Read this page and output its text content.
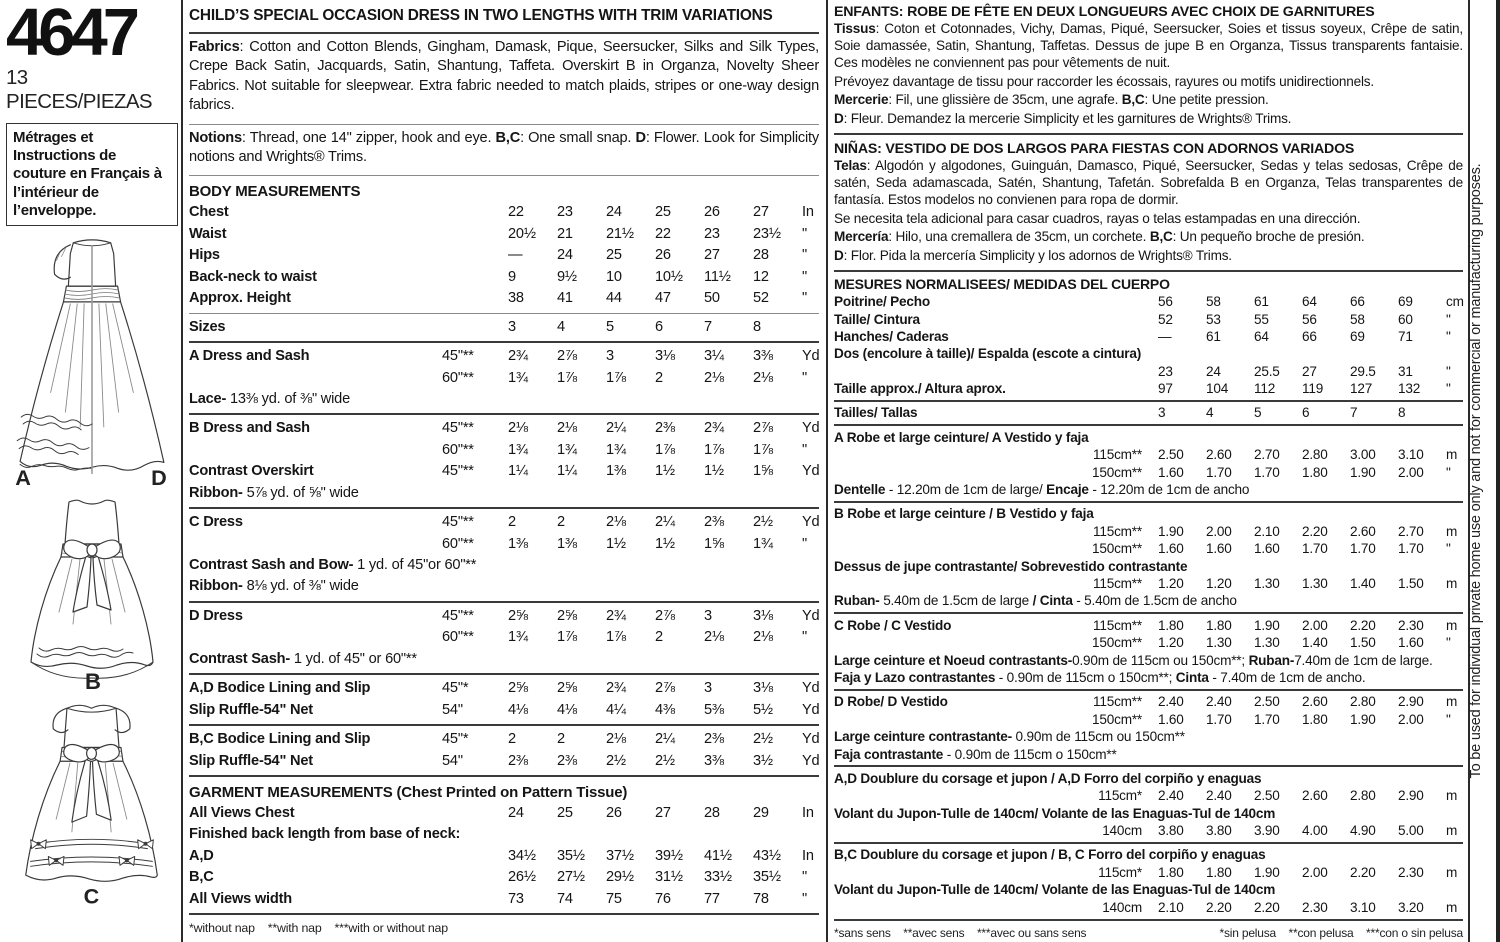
4647
13 PIECES/PIEZAS
Métrages et Instructions de couture en Français à l’intérieur de l’enveloppe.
A	D
B
C
CHILD’S SPECIAL OCCASION DRESS IN TWO LENGTHS WITH TRIM VARIATIONS
Fabrics: Cotton and Cotton Blends, Gingham, Damask, Pique, Seersucker, Silks and Silk Types, Crepe Back Satin, Jacquards, Satin, Shantung, Taffeta. Overskirt B in Organza, Novelty Sheer Fabrics. Not suitable for sleepwear. Extra fabric needed to match plaids, stripes or one-way design fabrics.
Notions: Thread, one 14" zipper, hook and eye. B,C: One small snap. D: Flower. Look for Simplicity notions and Wrights® Trims.
BODY MEASUREMENTS
Chest	22	23	24	25	26	27	In
Waist	20½	21	21½	22	23	23½	"
Hips	—	24	25	26	27	28	"
Back-neck to waist	9	9½	10	10½	11½	12	"
Approx. Height	38	41	44	47	50	52	"
Sizes	3	4	5	6	7	8
A Dress and Sash	45"**	2¾	2⅞	3	3⅛	3¼	3⅜	Yd
60"**	1¾	1⅞	1⅞	2	2⅛	2⅛	"
Lace- 13⅜ yd. of ⅜" wide
B Dress and Sash	45"**	2⅛	2⅛	2¼	2⅜	2¾	2⅞	Yd
60"**	1¾	1¾	1¾	1⅞	1⅞	1⅞	"
Contrast Overskirt	45"**	1¼	1¼	1⅜	1½	1½	1⅝	Yd
Ribbon- 5⅞ yd. of ⅝" wide
C Dress	45"**	2	2	2⅛	2¼	2⅜	2½	Yd
60"**	1⅜	1⅜	1½	1½	1⅝	1¾	"
Contrast Sash and Bow- 1 yd. of 45"or 60"**
Ribbon- 8⅛ yd. of ⅜" wide
D Dress	45"**	2⅝	2⅝	2¾	2⅞	3	3⅛	Yd
60"**	1¾	1⅞	1⅞	2	2⅛	2⅛	"
Contrast Sash- 1 yd. of 45" or 60"**
A,D Bodice Lining and Slip	45"*	2⅝	2⅝	2¾	2⅞	3	3⅛	Yd
Slip Ruffle-54" Net	54"	4⅛	4⅛	4¼	4⅜	5⅜	5½	Yd
B,C Bodice Lining and Slip	45"*	2	2	2⅛	2¼	2⅜	2½	Yd
Slip Ruffle-54" Net	54"	2⅜	2⅜	2½	2½	3⅜	3½	Yd
GARMENT MEASUREMENTS (Chest Printed on Pattern Tissue)
All Views Chest	24	25	26	27	28	29	In
Finished back length from base of neck:
A,D	34½	35½	37½	39½	41½	43½	In
B,C	26½	27½	29½	31½	33½	35½	"
All Views width	73	74	75	76	77	78	"
*without nap    **with nap    ***with or without nap
ENFANTS: ROBE DE FÊTE EN DEUX LONGUEURS AVEC CHOIX DE GARNITURES
Tissus: Coton et Cotonnades, Vichy, Damas, Piqué, Seersucker, Soies et tissus soyeux, Crêpe de satin, Soie damassée, Satin, Shantung, Taffetas. Dessus de jupe B en Organza, Tissus transparents fantaisie. Ces modèles ne conviennent pas pour vêtements de nuit.
Prévoyez davantage de tissu pour raccorder les écossais, rayures ou motifs unidirectionnels.
Mercerie: Fil, une glissière de 35cm, une agrafe. B,C: Une petite pression.
D: Fleur. Demandez la mercerie Simplicity et les garnitures de Wrights® Trims.
NIÑAS: VESTIDO DE DOS LARGOS PARA FIESTAS CON ADORNOS VARIADOS
Telas: Algodón y algodones, Guinguán, Damasco, Piqué, Seersucker, Sedas y telas sedosas, Crêpe de satén, Seda adamascada, Satén, Shantung, Tafetán. Sobrefalda B en Organza, Telas transparentes de fantasía. Estos modelos no convienen para ropa de dormir.
Se necesita tela adicional para casar cuadros, rayas o telas estampadas en una dirección.
Mercería: Hilo, una cremallera de 35cm, un corchete. B,C: Un pequeño broche de presión.
D: Flor. Pida la mercería Simplicity y los adornos de Wrights® Trims.
MESURES NORMALISEES/ MEDIDAS DEL CUERPO
Poitrine/ Pecho	56	58	61	64	66	69	cm
Taille/ Cintura	52	53	55	56	58	60	"
Hanches/ Caderas	—	61	64	66	69	71	"
Dos (encolure à taille)/ Espalda (escote a cintura)
23	24	25.5	27	29.5	31	"
Taille approx./ Altura aprox.	97	104	112	119	127	132	"
Tailles/ Tallas	3	4	5	6	7	8
A Robe et large ceinture/ A Vestido y faja
115cm**	2.50	2.60	2.70	2.80	3.00	3.10	m
150cm**	1.60	1.70	1.70	1.80	1.90	2.00	"
Dentelle - 12.20m de 1cm de large/ Encaje - 12.20m de 1cm de ancho
B Robe et large ceinture / B Vestido y faja
115cm**	1.90	2.00	2.10	2.20	2.60	2.70	m
150cm**	1.60	1.60	1.60	1.70	1.70	1.70	"
Dessus de jupe contrastante/ Sobrevestido contrastante
115cm**	1.20	1.20	1.30	1.30	1.40	1.50	m
Ruban- 5.40m de 1.5cm de large / Cinta - 5.40m de 1.5cm de ancho
C Robe / C Vestido	115cm**	1.80	1.80	1.90	2.00	2.20	2.30	m
150cm**	1.20	1.30	1.30	1.40	1.50	1.60	"
Large ceinture et Noeud contrastants-0.90m de 115cm ou 150cm**; Ruban-7.40m de 1cm de large.
Faja y Lazo contrastantes - 0.90m de 115cm o 150cm**; Cinta - 7.40m de 1cm de ancho.
D Robe/ D Vestido	115cm**	2.40	2.40	2.50	2.60	2.80	2.90	m
150cm**	1.60	1.70	1.70	1.80	1.90	2.00	"
Large ceinture contrastante- 0.90m de 115cm ou 150cm**
Faja contrastante - 0.90m de 115cm o 150cm**
A,D Doublure du corsage et jupon / A,D Forro del corpiño y enaguas
115cm*	2.40	2.40	2.50	2.60	2.80	2.90	m
Volant du Jupon-Tulle de 140cm/ Volante de las Enaguas-Tul de 140cm
140cm	3.80	3.80	3.90	4.00	4.90	5.00	m
B,C Doublure du corsage et jupon / B, C Forro del corpiño y enaguas
115cm*	1.80	1.80	1.90	2.00	2.20	2.30	m
Volant du Jupon-Tulle de 140cm/ Volante de las Enaguas-Tul de 140cm
140cm	2.10	2.20	2.20	2.30	3.10	3.20	m
*sans sens    **avec sens    ***avec ou sans sens	*sin pelusa    **con pelusa    ***con o sin pelusa
To be used for individual private home use only and not for commercial or manufacturing purposes.
